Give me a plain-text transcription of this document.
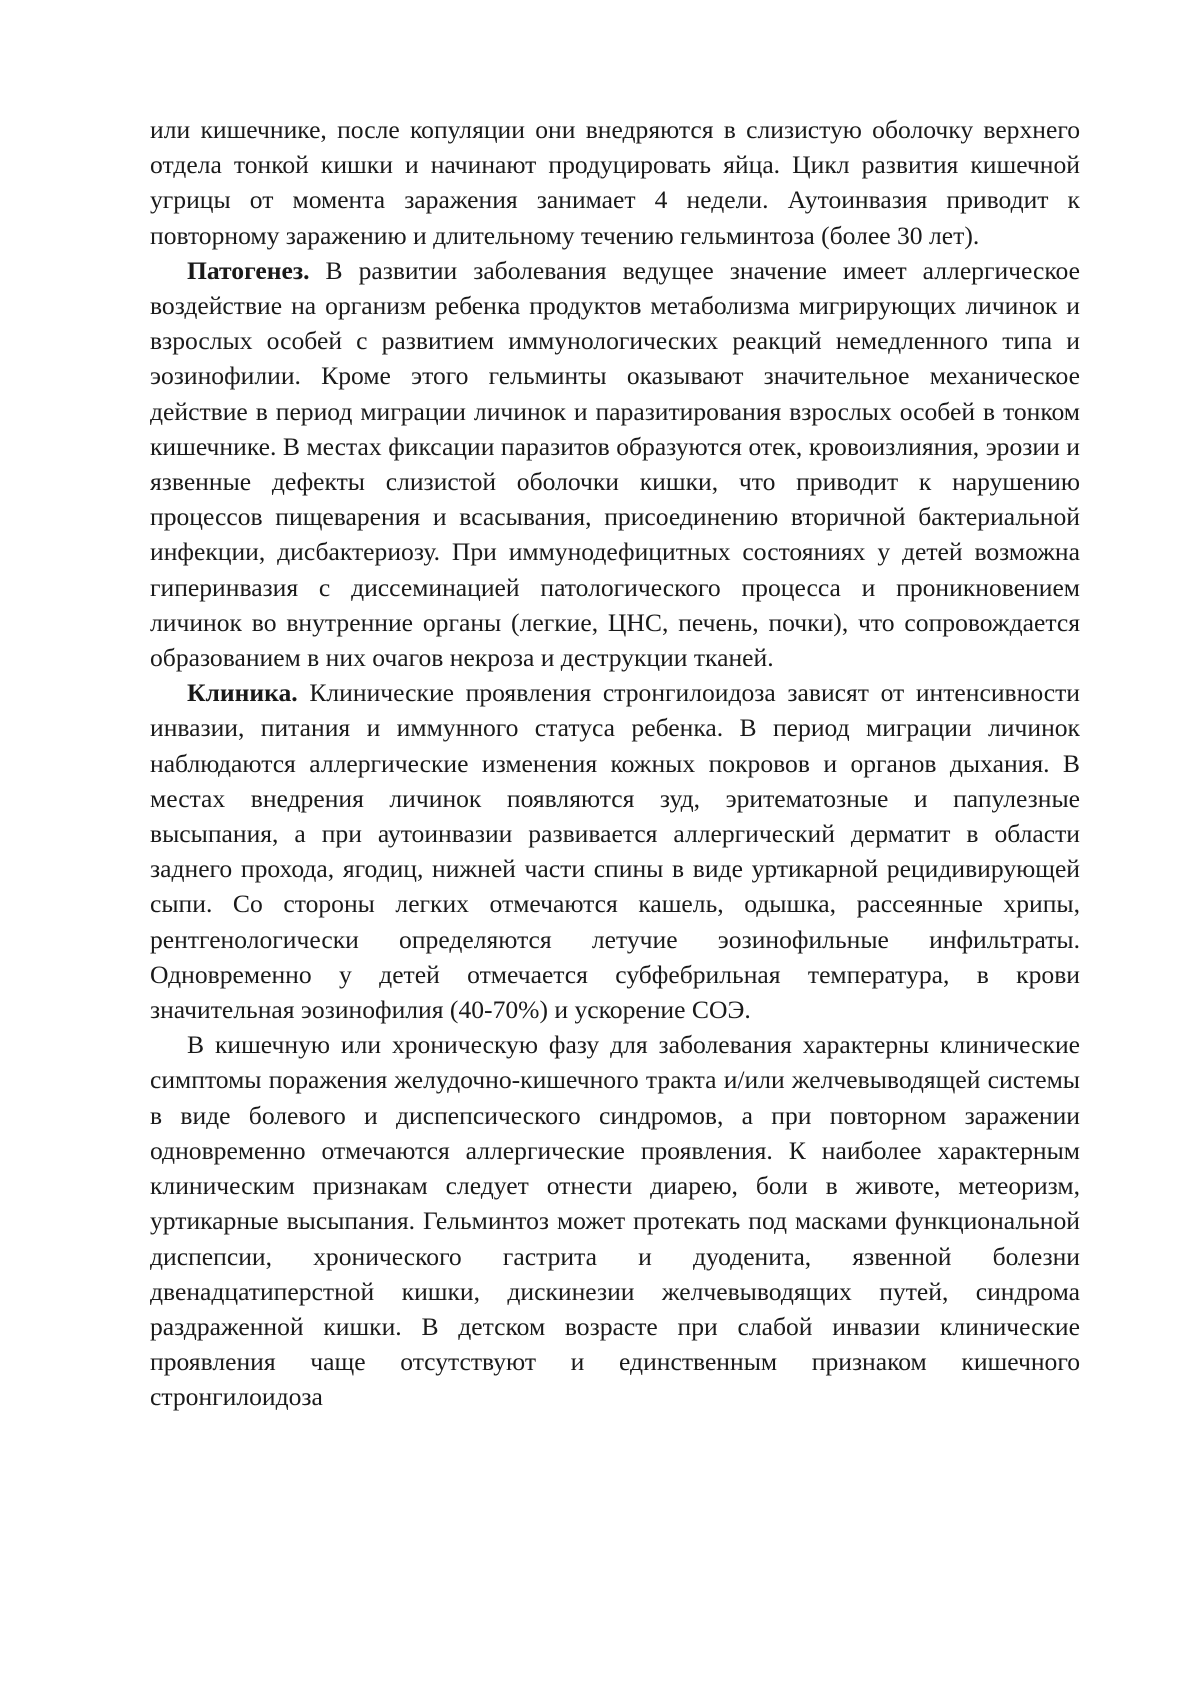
или кишечнике, после копуляции они внедряются в слизистую оболочку верхнего отдела тонкой кишки и начинают продуцировать яйца. Цикл развития кишечной угрицы от момента заражения занимает 4 недели. Аутоинвазия приводит к повторному заражению и длительному течению гельминтоза (более 30 лет).

Патогенез. В развитии заболевания ведущее значение имеет аллергическое воздействие на организм ребенка продуктов метаболизма мигрирующих личинок и взрослых особей с развитием иммунологических реакций немедленного типа и эозинофилии. Кроме этого гельминты оказывают значительное механическое действие в период миграции личинок и паразитирования взрослых особей в тонком кишечнике. В местах фиксации паразитов образуются отек, кровоизлияния, эрозии и язвенные дефекты слизистой оболочки кишки, что приводит к нарушению процессов пищеварения и всасывания, присоединению вторичной бактериальной инфекции, дисбактериозу. При иммунодефицитных состояниях у детей возможна гиперинвазия с диссеминацией патологического процесса и проникновением личинок во внутренние органы (легкие, ЦНС, печень, почки), что сопровождается образованием в них очагов некроза и деструкции тканей.

Клиника. Клинические проявления стронгилоидоза зависят от интенсивности инвазии, питания и иммунного статуса ребенка. В период миграции личинок наблюдаются аллергические изменения кожных покровов и органов дыхания. В местах внедрения личинок появляются зуд, эритематозные и папулезные высыпания, а при аутоинвазии развивается аллергический дерматит в области заднего прохода, ягодиц, нижней части спины в виде уртикарной рецидивирующей сыпи. Со стороны легких отмечаются кашель, одышка, рассеянные хрипы, рентгенологически определяются летучие эозинофильные инфильтраты. Одновременно у детей отмечается субфебрильная температура, в крови значительная эозинофилия (40-70%) и ускорение СОЭ.

В кишечную или хроническую фазу для заболевания характерны клинические симптомы поражения желудочно-кишечного тракта и/или желчевыводящей системы в виде болевого и диспепсического синдромов, а при повторном заражении одновременно отмечаются аллергические проявления. К наиболее характерным клиническим признакам следует отнести диарею, боли в животе, метеоризм, уртикарные высыпания. Гельминтоз может протекать под масками функциональной диспепсии, хронического гастрита и дуоденита, язвенной болезни двенадцатиперстной кишки, дискинезии желчевыводящих путей, синдрома раздраженной кишки. В детском возрасте при слабой инвазии клинические проявления чаще отсутствуют и единственным признаком кишечного стронгилоидоза
